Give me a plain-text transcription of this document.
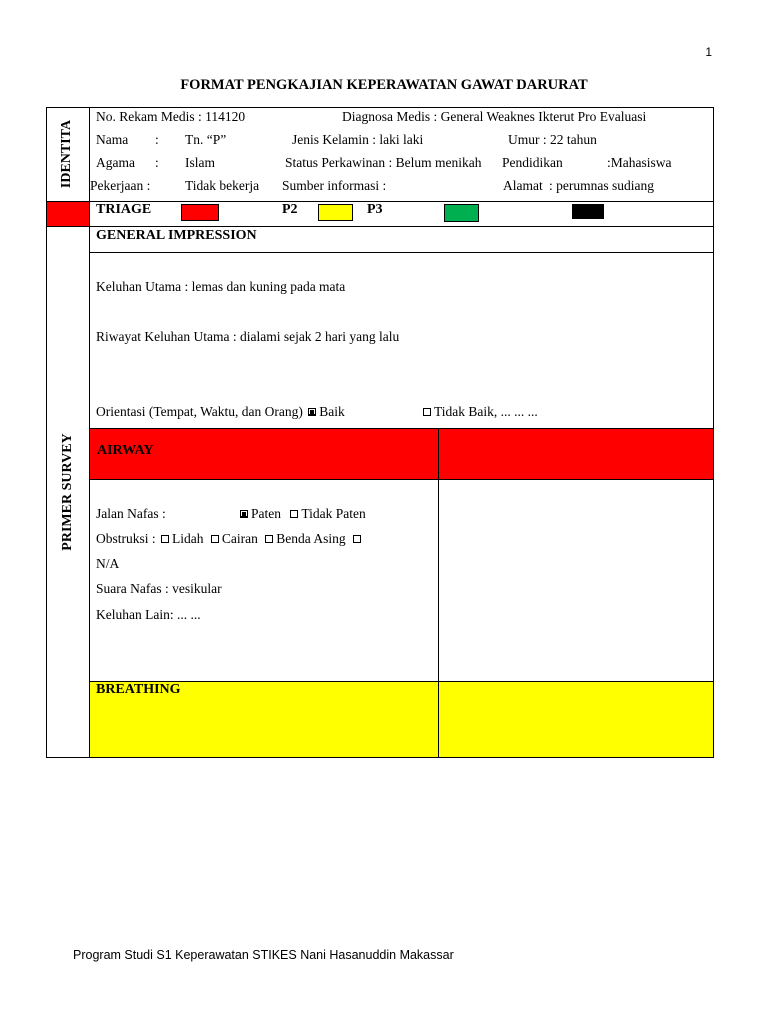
1
FORMAT PENGKAJIAN KEPERAWATAN GAWAT DARURAT
IDENTITA
PRIMER SURVEY
No. Rekam Medis : 114120	Diagnosa Medis : General Weaknes Ikterut Pro Evaluasi
Nama : Tn. “P”	Jenis Kelamin : laki laki	Umur : 22 tahun
Agama : Islam	Status Perkawinan : Belum menikah Pendidikan	:Mahasiswa
Pekerjaan :	Tidak bekerja Sumber informasi :	Alamat : perumnas sudiang
TRIAGE	P2	P3
GENERAL IMPRESSION
Keluhan Utama : lemas dan kuning pada mata
Riwayat Keluhan Utama : dialami sejak 2 hari yang lalu
Orientasi (Tempat, Waktu, dan Orang) Baik	Tidak Baik, ... ... ...
AIRWAY
Jalan Nafas :	Paten Tidak Paten
Obstruksi : Lidah Cairan Benda Asing
N/A
Suara Nafas : vesikular
Keluhan Lain: ... ...
BREATHING
Program Studi S1 Keperawatan STIKES Nani Hasanuddin Makassar
